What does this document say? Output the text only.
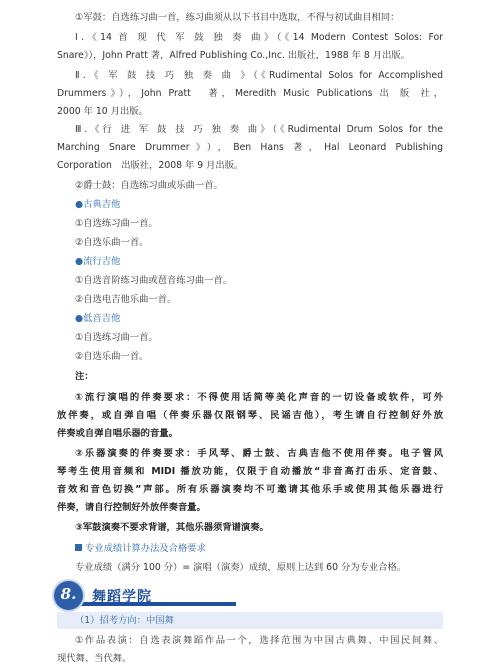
①军鼓：自选练习曲一首，练习曲须从以下书目中选取，不得与初试曲目相同：

Ⅰ.《14 首 现 代 军 鼓 独 奏 曲》（《14 Modern Contest Solos: For

Snare》），John Pratt 著，Alfred Publishing Co.,Inc. 出版社，1988 年 8 月出版。

Ⅱ.《 军 鼓 技 巧 独 奏 曲 》（《Rudimental Solos for Accomplished

Drummers》），John Pratt　著，Meredith Music Publications 出 版 社，

2000 年 10 月出版。

Ⅲ.《行 进 军 鼓 技 巧 独 奏 曲》（《Rudimental Drum Solos for the

Marching Snare Drummer》），Ben Hans 著，Hal Leonard Publishing

Corporation　出版社，2008 年 9 月出版。

②爵士鼓：自选练习曲或乐曲一首。

●古典吉他

①自选练习曲一首。

②自选乐曲一首。

●流行吉他

①自选音阶练习曲或琶音练习曲一首。

②自选电吉他乐曲一首。

●低音吉他

①自选练习曲一首。

②自选乐曲一首。

注：

①流行演唱的伴奏要求：不得使用话筒等美化声音的一切设备或软件，可外

放伴奏，或自弹自唱（伴奏乐器仅限钢琴、民谣吉他），考生请自行控制好外放

伴奏或自弹自唱乐器的音量。

②乐器演奏的伴奏要求：手风琴、爵士鼓、古典吉他不使用伴奏。电子管风

琴考生使用音频和 MIDI 播放功能，仅限于自动播放“非音高打击乐、定音鼓、

音效和音色切换”声部。所有乐器演奏均不可邀请其他乐手或使用其他乐器进行

伴奏，请自行控制好外放伴奏音量。

③军鼓演奏不要求背谱，其他乐器须背谱演奏。

专业成绩计算办法及合格要求

专业成绩（满分 100 分）= 演唱（演奏）成绩，原则上达到 60 分为专业合格。

8.	舞蹈学院
（1）招考方向：中国舞

①作品表演：自选表演舞蹈作品一个，选择范围为中国古典舞、中国民间舞、

现代舞、当代舞。
